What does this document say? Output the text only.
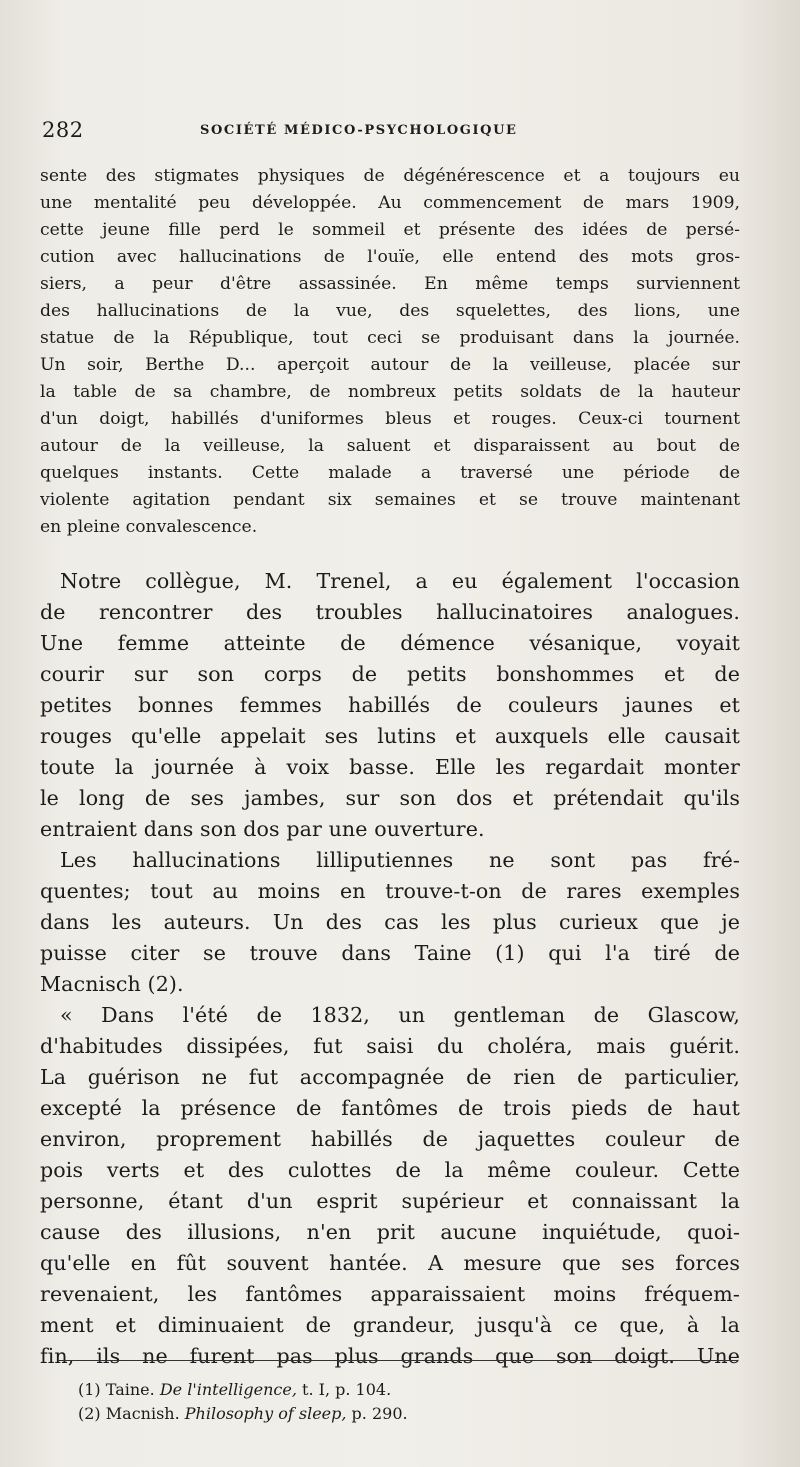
282	SOCIÉTÉ MÉDICO-PSYCHOLOGIQUE

sente des stigmates physiques de dégénérescence et a toujours eu

une mentalité peu développée. Au commencement de mars 1909,

cette jeune fille perd le sommeil et présente des idées de persé-

cution avec hallucinations de l'ouïe, elle entend des mots gros-

siers, a peur d'être assassinée. En même temps surviennent

des hallucinations de la vue, des squelettes, des lions, une

statue de la République, tout ceci se produisant dans la journée.

Un soir, Berthe D... aperçoit autour de la veilleuse, placée sur

la table de sa chambre, de nombreux petits soldats de la hauteur

d'un doigt, habillés d'uniformes bleus et rouges. Ceux-ci tournent

autour de la veilleuse, la saluent et disparaissent au bout de

quelques instants. Cette malade a traversé une période de

violente agitation pendant six semaines et se trouve maintenant

en pleine convalescence.

Notre collègue, M. Trenel, a eu également l'occasion

de rencontrer des troubles hallucinatoires analogues.

Une femme atteinte de démence vésanique, voyait

courir sur son corps de petits bonshommes et de

petites bonnes femmes habillés de couleurs jaunes et

rouges qu'elle appelait ses lutins et auxquels elle causait

toute la journée à voix basse. Elle les regardait monter

le long de ses jambes, sur son dos et prétendait qu'ils

entraient dans son dos par une ouverture.

Les hallucinations lilliputiennes ne sont pas fré-

quentes; tout au moins en trouve-t-on de rares exemples

dans les auteurs. Un des cas les plus curieux que je

puisse citer se trouve dans Taine (1) qui l'a tiré de

Macnisch (2).

« Dans l'été de 1832, un gentleman de Glascow,

d'habitudes dissipées, fut saisi du choléra, mais guérit.

La guérison ne fut accompagnée de rien de particulier,

excepté la présence de fantômes de trois pieds de haut

environ, proprement habillés de jaquettes couleur de

pois verts et des culottes de la même couleur. Cette

personne, étant d'un esprit supérieur et connaissant la

cause des illusions, n'en prit aucune inquiétude, quoi-

qu'elle en fût souvent hantée. A mesure que ses forces

revenaient, les fantômes apparaissaient moins fréquem-

ment et diminuaient de grandeur, jusqu'à ce que, à la

fin, ils ne furent pas plus grands que son doigt. Une

(1) Taine. De l'intelligence, t. I, p. 104.
(2) Macnish. Philosophy of sleep, p. 290.
